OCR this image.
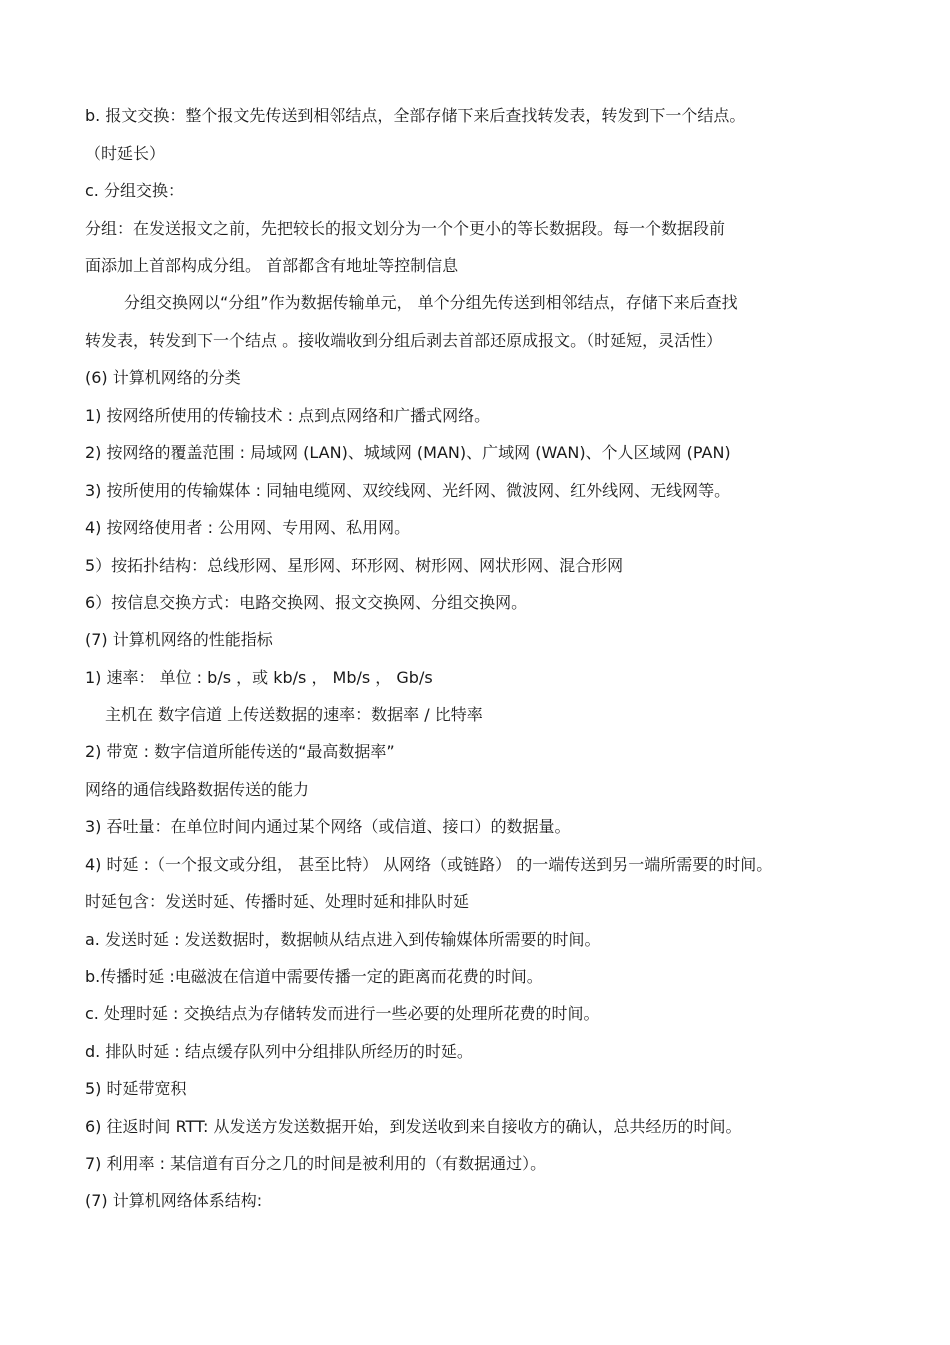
b. 报文交换：整个报文先传送到相邻结点，全部存储下来后查找转发表，转发到下一个结点。
（时延长）
c. 分组交换：
分组：在发送报文之前，先把较长的报文划分为一个个更小的等长数据段。每一个数据段前
面添加上首部构成分组。 首部都含有地址等控制信息
分组交换网以“分组”作为数据传输单元， 单个分组先传送到相邻结点，存储下来后查找
转发表，转发到下一个结点 。接收端收到分组后剥去首部还原成报文。（时延短，灵活性）
(6) 计算机网络的分类
1) 按网络所使用的传输技术 : 点到点网络和广播式网络。
2) 按网络的覆盖范围 : 局域网 (LAN)、城域网 (MAN)、广域网 (WAN)、个人区域网 (PAN)
3) 按所使用的传输媒体 : 同轴电缆网、双绞线网、光纤网、微波网、红外线网、无线网等。
4) 按网络使用者 : 公用网、专用网、私用网。
5）按拓扑结构：总线形网、星形网、环形网、树形网、网状形网、混合形网
6）按信息交换方式：电路交换网、报文交换网、分组交换网。
(7) 计算机网络的性能指标
1) 速率： 单位 : b/s ，或 kb/s ， Mb/s ， Gb/s
主机在 数字信道 上传送数据的速率：数据率 / 比特率
2) 带宽 : 数字信道所能传送的“最高数据率”
网络的通信线路数据传送的能力
3) 吞吐量：在单位时间内通过某个网络（或信道、接口）的数据量。
4) 时延 :（一个报文或分组， 甚至比特） 从网络（或链路） 的一端传送到另一端所需要的时间。
时延包含：发送时延、传播时延、处理时延和排队时延
a. 发送时延 : 发送数据时，数据帧从结点进入到传输媒体所需要的时间。
b.传播时延 :电磁波在信道中需要传播一定的距离而花费的时间。
c. 处理时延 : 交换结点为存储转发而进行一些必要的处理所花费的时间。
d. 排队时延 : 结点缓存队列中分组排队所经历的时延。
5) 时延带宽积
6) 往返时间 RTT: 从发送方发送数据开始，到发送收到来自接收方的确认，总共经历的时间。
7) 利用率 : 某信道有百分之几的时间是被利用的（有数据通过）。
(7) 计算机网络体系结构:
